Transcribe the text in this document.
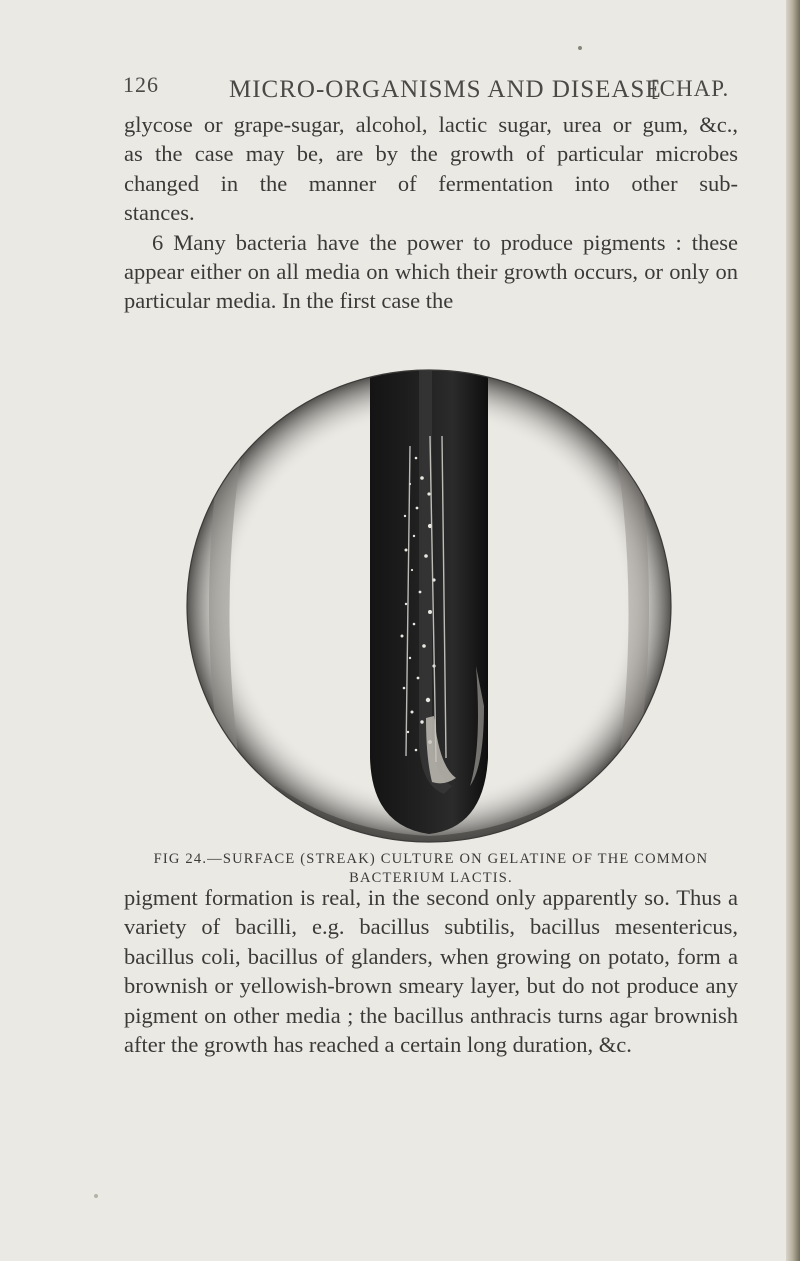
126	MICRO-ORGANISMS AND DISEASE
[CHAP.

glycose or grape-sugar, alcohol, lactic sugar, urea or gum, &c.,

as the case may be, are by the growth of particular microbes

changed in the manner of fermentation into other sub-

stances.

6 Many bacteria have the power to produce pigments : these appear either on all media on which their growth occurs, or only on particular media. In the first case the

FIG 24.—SURFACE (STREAK) CULTURE ON GELATINE OF THE COMMON BACTERIUM LACTIS.

pigment formation is real, in the second only apparently so. Thus a variety of bacilli, e.g. bacillus subtilis, bacillus mesentericus, bacillus coli, bacillus of glanders, when growing on potato, form a brownish or yellowish-brown smeary layer, but do not produce any pigment on other media ; the bacillus anthracis turns agar brownish after the growth has reached a certain long duration, &c.
